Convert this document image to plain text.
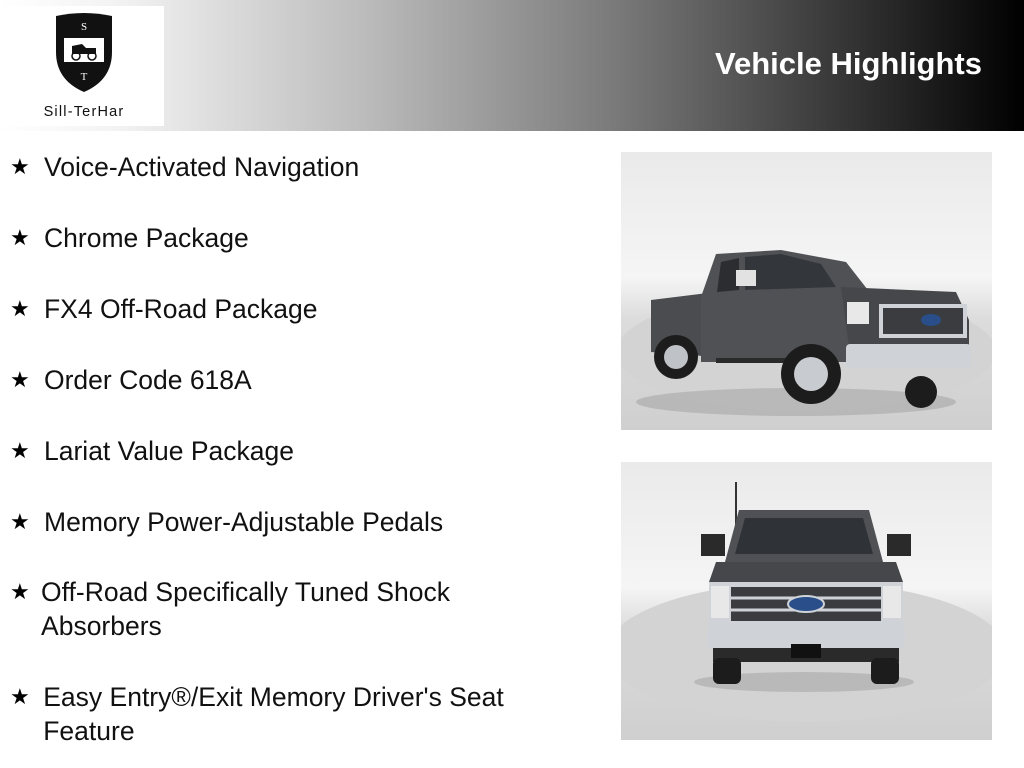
S
T
Sill-TerHar
Vehicle Highlights
★ Voice-Activated Navigation
★ Chrome Package
★ FX4 Off-Road Package
★ Order Code 618A
★ Lariat Value Package
★ Memory Power-Adjustable Pedals
★ Off-Road Specifically Tuned Shock Absorbers
★ Easy Entry®/Exit Memory Driver's Seat Feature
